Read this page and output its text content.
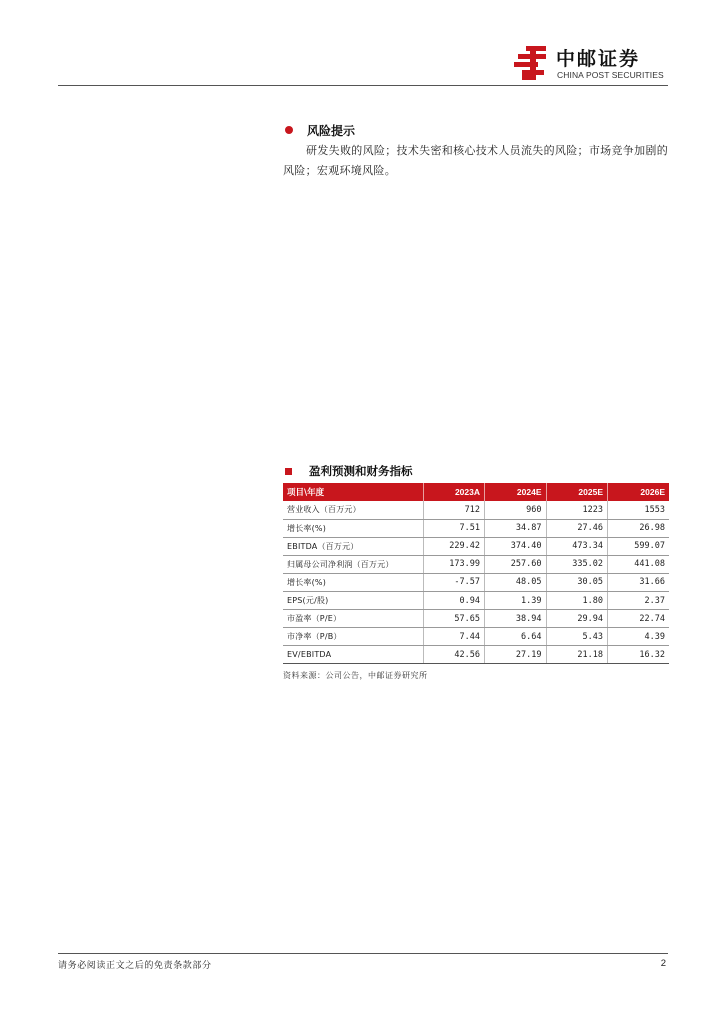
中邮证券
CHINA POST SECURITIES
风险提示

研发失败的风险；技术失密和核心技术人员流失的风险；市场竞争加剧的风险；宏观环境风险。

盈利预测和财务指标
项目\年度	2023A	2024E	2025E	2026E
营业收入（百万元）	712	960	1223	1553
增长率(%)	7.51	34.87	27.46	26.98
EBITDA（百万元）	229.42	374.40	473.34	599.07
归属母公司净利润（百万元）	173.99	257.60	335.02	441.08
增长率(%)	-7.57	48.05	30.05	31.66
EPS(元/股)	0.94	1.39	1.80	2.37
市盈率（P/E）	57.65	38.94	29.94	22.74
市净率（P/B）	7.44	6.64	5.43	4.39
EV/EBITDA	42.56	27.19	21.18	16.32
资料来源：公司公告，中邮证券研究所
请务必阅读正文之后的免责条款部分	2
